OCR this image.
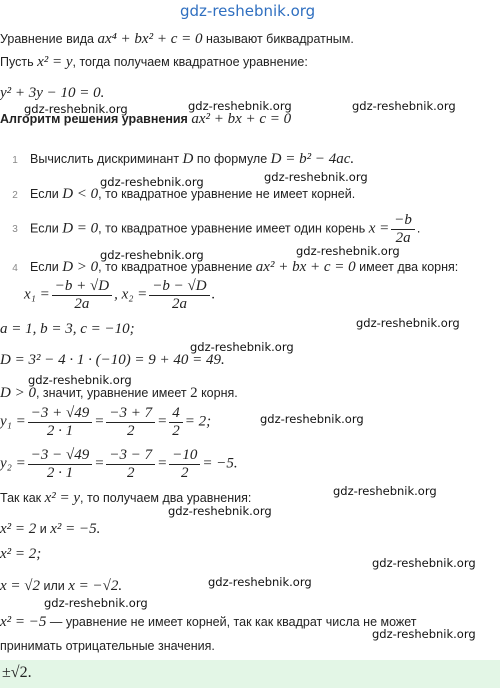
gdz-reshebnik.org
gdz-reshebnik.org	gdz-reshebnik.org	gdz-reshebnik.org
gdz-reshebnik.org	gdz-reshebnik.org
gdz-reshebnik.org	gdz-reshebnik.org
gdz-reshebnik.org
gdz-reshebnik.org
gdz-reshebnik.org
gdz-reshebnik.org
gdz-reshebnik.org
gdz-reshebnik.org
gdz-reshebnik.org
gdz-reshebnik.org
gdz-reshebnik.org
gdz-reshebnik.org
Уравнение вида ax⁴ + bx² + c = 0 называют биквадратным.
Пусть x² = y, тогда получаем квадратное уравнение:
y² + 3y − 10 = 0.
Алгоритм решения уравнения ax² + bx + c = 0
1 Вычислить дискриминант D по формуле D = b² − 4ac.
2 Если D < 0, то квадратное уравнение не имеет корней.
3 Если D = 0, то квадратное уравнение имеет один корень $x = \frac{-b}{2a}$ .
4 Если D > 0, то квадратное уравнение ax² + bx + c = 0 имеет два корня:
$x_1 = \frac{-b + √D}{2a}$ , $x_2 = \frac{-b - √D}{2a}$ .
a = 1, b = 3, c = −10;
D = 3² − 4 · 1 · (−10) = 9 + 40 = 49.
D > 0, значит, уравнение имеет 2 корня.
$y_1 = \frac{-3 + √49}{2 \cdot 1} = \frac{-3 + 7}{2} = \frac{4}{2} = 2$;
$y_2 = \frac{-3 - √49}{2 \cdot 1} = \frac{-3 - 7}{2} = \frac{-10}{2} = -5$.
Так как x² = y, то получаем два уравнения:
x² = 2 и x² = −5.
x² = 2;
x = √2 или x = −√2.
x² = −5 — уравнение не имеет корней, так как квадрат числа не может
принимать отрицательные значения.
±√2.
